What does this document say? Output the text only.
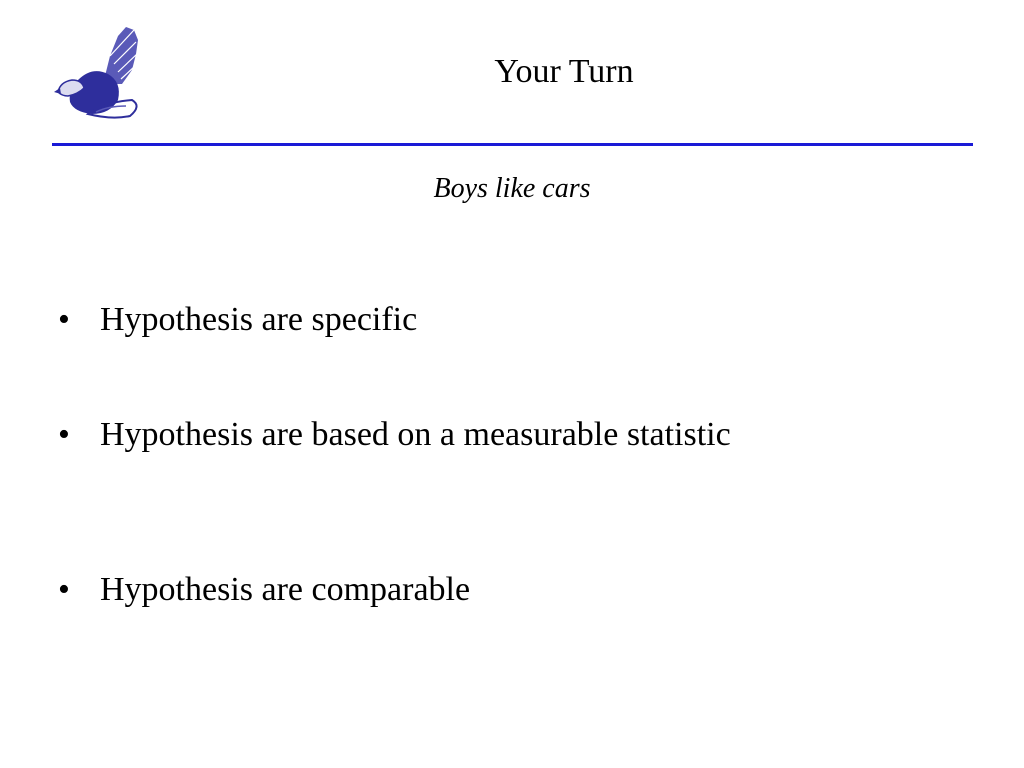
Your Turn
Boys like cars
• Hypothesis are specific
• Hypothesis are based on a measurable statistic
• Hypothesis are comparable
